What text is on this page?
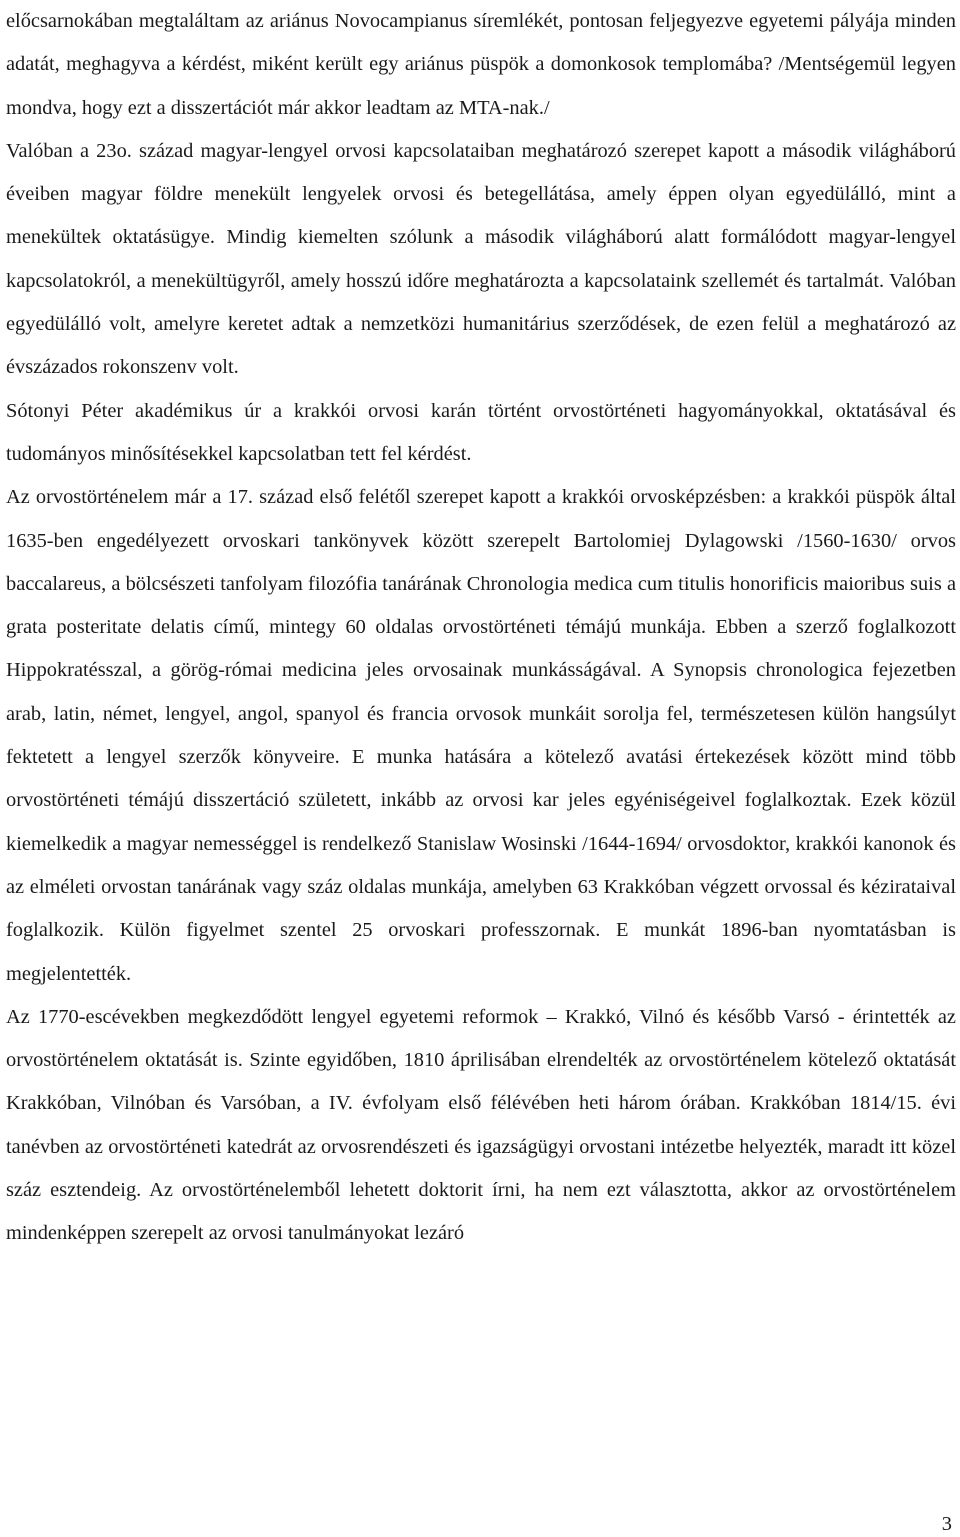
előcsarnokában megtaláltam az ariánus Novocampianus síremlékét, pontosan feljegyezve egyetemi pályája minden adatát, meghagyva a kérdést, miként került egy ariánus püspök a domonkosok templomába? /Mentségemül legyen mondva, hogy ezt a disszertációt már akkor leadtam az MTA-nak./

Valóban a 23o. század magyar-lengyel orvosi kapcsolataiban meghatározó szerepet kapott a második világháború éveiben magyar földre menekült lengyelek orvosi és betegellátása, amely éppen olyan egyedülálló, mint a menekültek oktatásügye. Mindig kiemelten szólunk a második világháború alatt formálódott magyar-lengyel kapcsolatokról, a menekültügyről, amely hosszú időre meghatározta a kapcsolataink szellemét és tartalmát. Valóban egyedülálló volt, amelyre keretet adtak a nemzetközi humanitárius szerződések, de ezen felül a meghatározó az évszázados rokonszenv volt.

Sótonyi Péter akadémikus úr a krakkói orvosi karán történt orvostörténeti hagyományokkal, oktatásával és tudományos minősítésekkel kapcsolatban tett fel kérdést.

Az orvostörténelem már a 17. század első felétől szerepet kapott a krakkói orvosképzésben: a krakkói püspök által 1635-ben engedélyezett orvoskari tankönyvek között szerepelt Bartolomiej Dylagowski /1560-1630/ orvos baccalareus, a bölcsészeti tanfolyam filozófia tanárának Chronologia medica cum titulis honorificis maioribus suis a grata posteritate delatis című, mintegy 60 oldalas orvostörténeti témájú munkája. Ebben a szerző foglalkozott Hippokratésszal, a görög-római medicina jeles orvosainak munkásságával. A Synopsis chronologica fejezetben arab, latin, német, lengyel, angol, spanyol és francia orvosok munkáit sorolja fel, természetesen külön hangsúlyt fektetett a lengyel szerzők könyveire. E munka hatására a kötelező avatási értekezések között mind több orvostörténeti témájú disszertáció született, inkább az orvosi kar jeles egyéniségeivel foglalkoztak. Ezek közül kiemelkedik a magyar nemességgel is rendelkező Stanislaw Wosinski /1644-1694/ orvosdoktor, krakkói kanonok és az elméleti orvostan tanárának vagy száz oldalas munkája, amelyben 63 Krakkóban végzett orvossal és kézirataival foglalkozik. Külön figyelmet szentel 25 orvoskari professzornak. E munkát 1896-ban nyomtatásban is megjelentették.

Az 1770-escévekben megkezdődött lengyel egyetemi reformok – Krakkó, Vilnó és később Varsó - érintették az orvostörténelem oktatását is. Szinte egyidőben, 1810 áprilisában elrendelték az orvostörténelem kötelező oktatását Krakkóban, Vilnóban és Varsóban, a IV. évfolyam első félévében heti három órában. Krakkóban 1814/15. évi tanévben az orvostörténeti katedrát az orvosrendészeti és igazságügyi orvostani intézetbe helyezték, maradt itt közel száz esztendeig. Az orvostörténelemből lehetett doktorit írni, ha nem ezt választotta, akkor az orvostörténelem mindenképpen szerepelt az orvosi tanulmányokat lezáró

3
